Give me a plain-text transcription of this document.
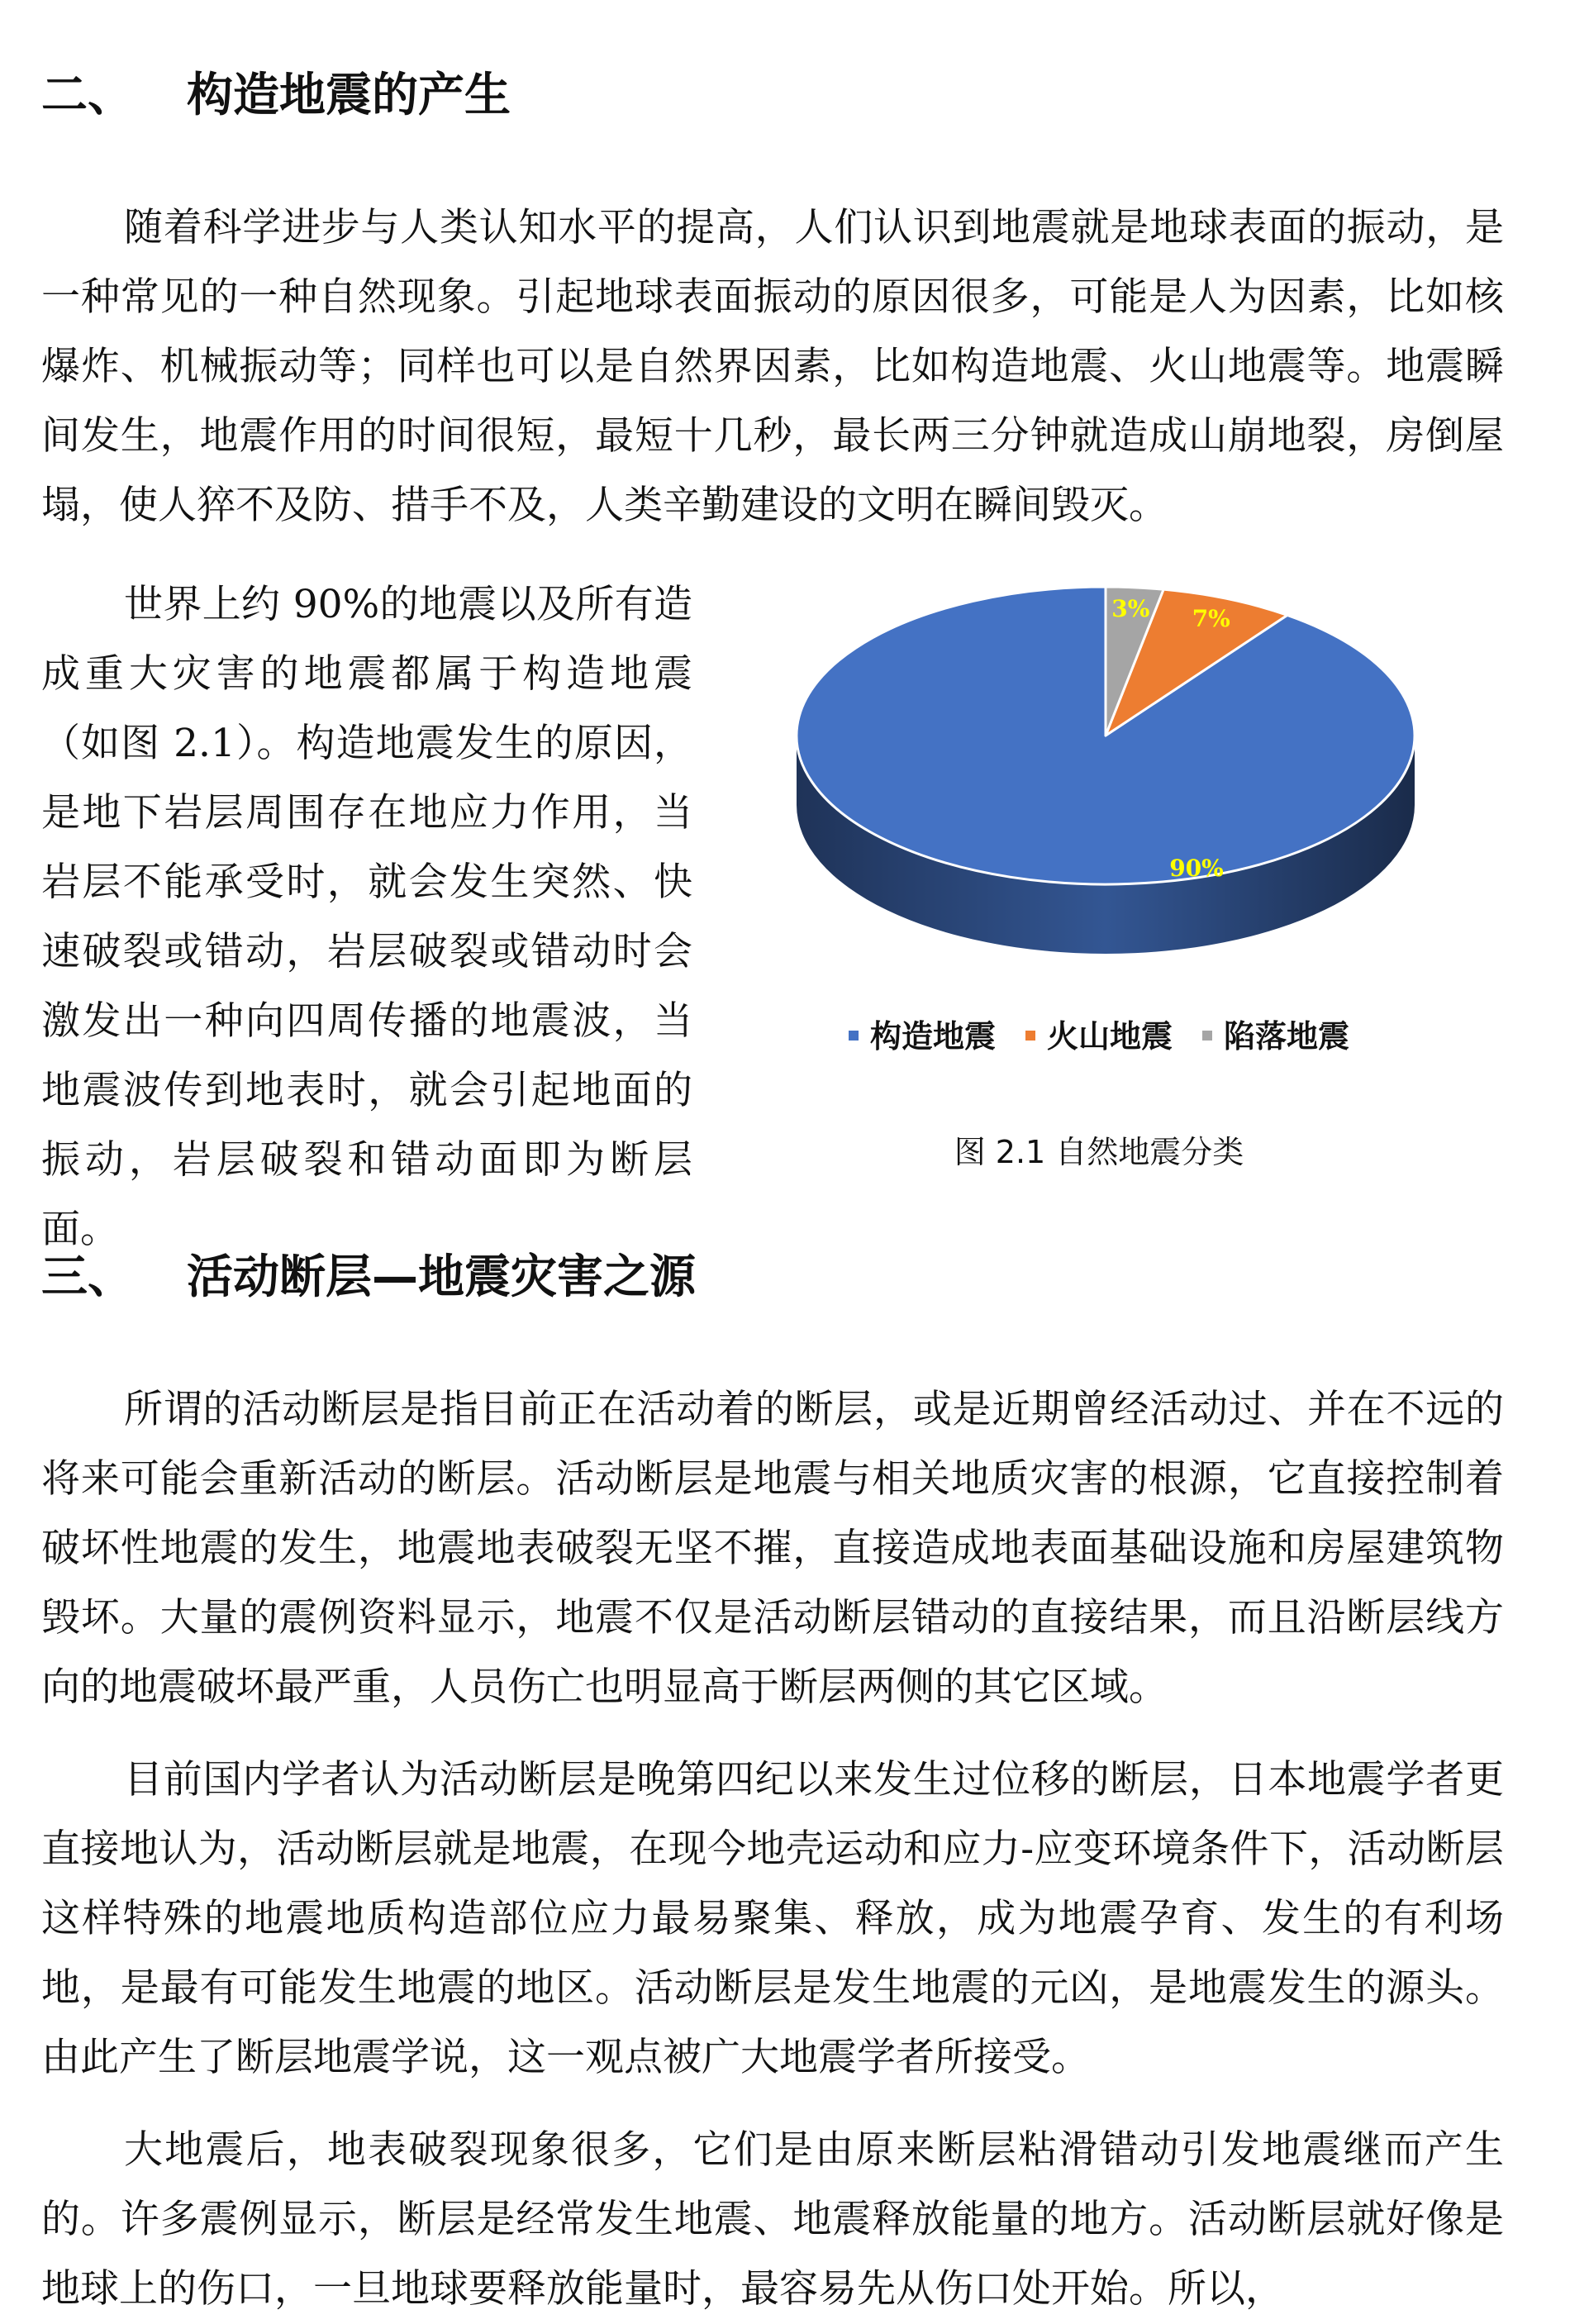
二、 构造地震的产生

随着科学进步与人类认知水平的提高，人们认识到地震就是地球表面的振动，是一种常见的一种自然现象。引起地球表面振动的原因很多，可能是人为因素，比如核爆炸、机械振动等；同样也可以是自然界因素，比如构造地震、火山地震等。地震瞬间发生，地震作用的时间很短，最短十几秒，最长两三分钟就造成山崩地裂，房倒屋塌，使人猝不及防、措手不及，人类辛勤建设的文明在瞬间毁灭。

世界上约 90%的地震以及所有造成重大灾害的地震都属于构造地震（如图 2.1）。构造地震发生的原因，是地下岩层周围存在地应力作用，当岩层不能承受时，就会发生突然、快速破裂或错动，岩层破裂或错动时会激发出一种向四周传播的地震波，当地震波传到地表时，就会引起地面的振动，岩层破裂和错动面即为断层面。

90%
7%
3%
构造地震 火山地震 陷落地震
图 2.1 自然地震分类
三、 活动断层—地震灾害之源

所谓的活动断层是指目前正在活动着的断层，或是近期曾经活动过、并在不远的将来可能会重新活动的断层。活动断层是地震与相关地质灾害的根源，它直接控制着破坏性地震的发生，地震地表破裂无坚不摧，直接造成地表面基础设施和房屋建筑物毁坏。大量的震例资料显示，地震不仅是活动断层错动的直接结果，而且沿断层线方向的地震破坏最严重，人员伤亡也明显高于断层两侧的其它区域。

目前国内学者认为活动断层是晚第四纪以来发生过位移的断层，日本地震学者更直接地认为，活动断层就是地震，在现今地壳运动和应力-应变环境条件下，活动断层这样特殊的地震地质构造部位应力最易聚集、释放，成为地震孕育、发生的有利场地，是最有可能发生地震的地区。活动断层是发生地震的元凶，是地震发生的源头。由此产生了断层地震学说，这一观点被广大地震学者所接受。

大地震后，地表破裂现象很多，它们是由原来断层粘滑错动引发地震继而产生的。许多震例显示，断层是经常发生地震、地震释放能量的地方。活动断层就好像是地球上的伤口，一旦地球要释放能量时，最容易先从伤口处开始。所以，
